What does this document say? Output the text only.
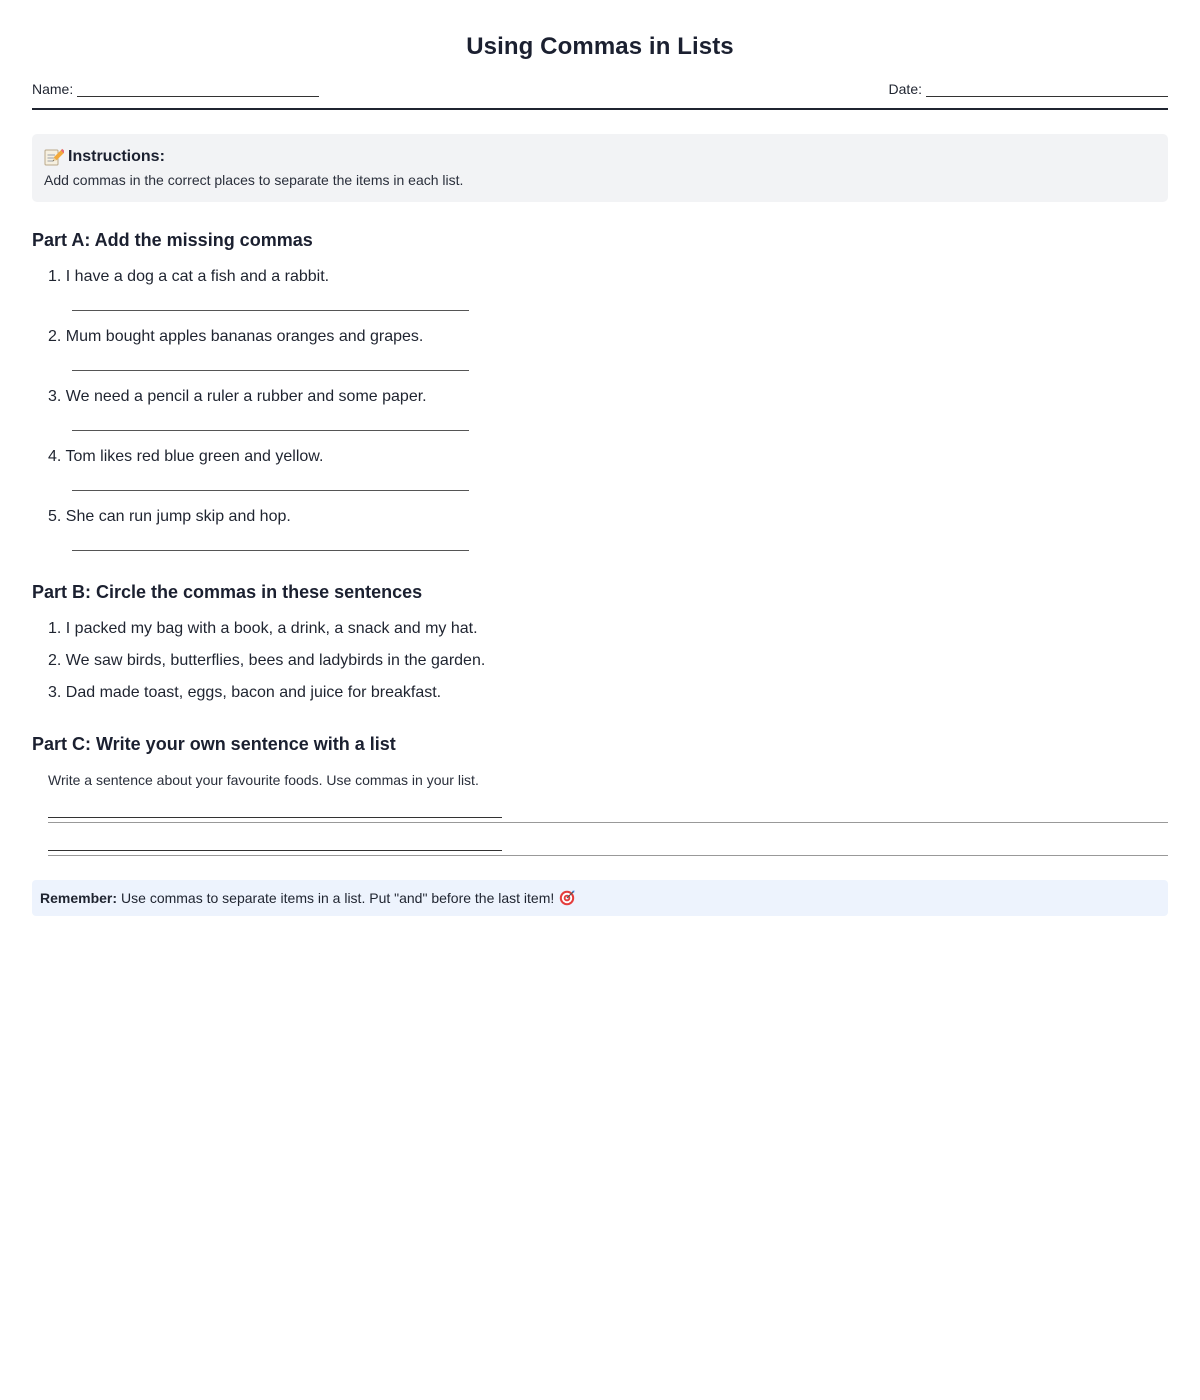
Using Commas in Lists
Name:	Date:
Instructions:
Add commas in the correct places to separate the items in each list.
Part A: Add the missing commas
1. I have a dog a cat a fish and a rabbit.
2. Mum bought apples bananas oranges and grapes.
3. We need a pencil a ruler a rubber and some paper.
4. Tom likes red blue green and yellow.
5. She can run jump skip and hop.
Part B: Circle the commas in these sentences
1. I packed my bag with a book, a drink, a snack and my hat.
2. We saw birds, butterflies, bees and ladybirds in the garden.
3. Dad made toast, eggs, bacon and juice for breakfast.
Part C: Write your own sentence with a list
Write a sentence about your favourite foods. Use commas in your list.
Remember: Use commas to separate items in a list. Put "and" before the last item!
